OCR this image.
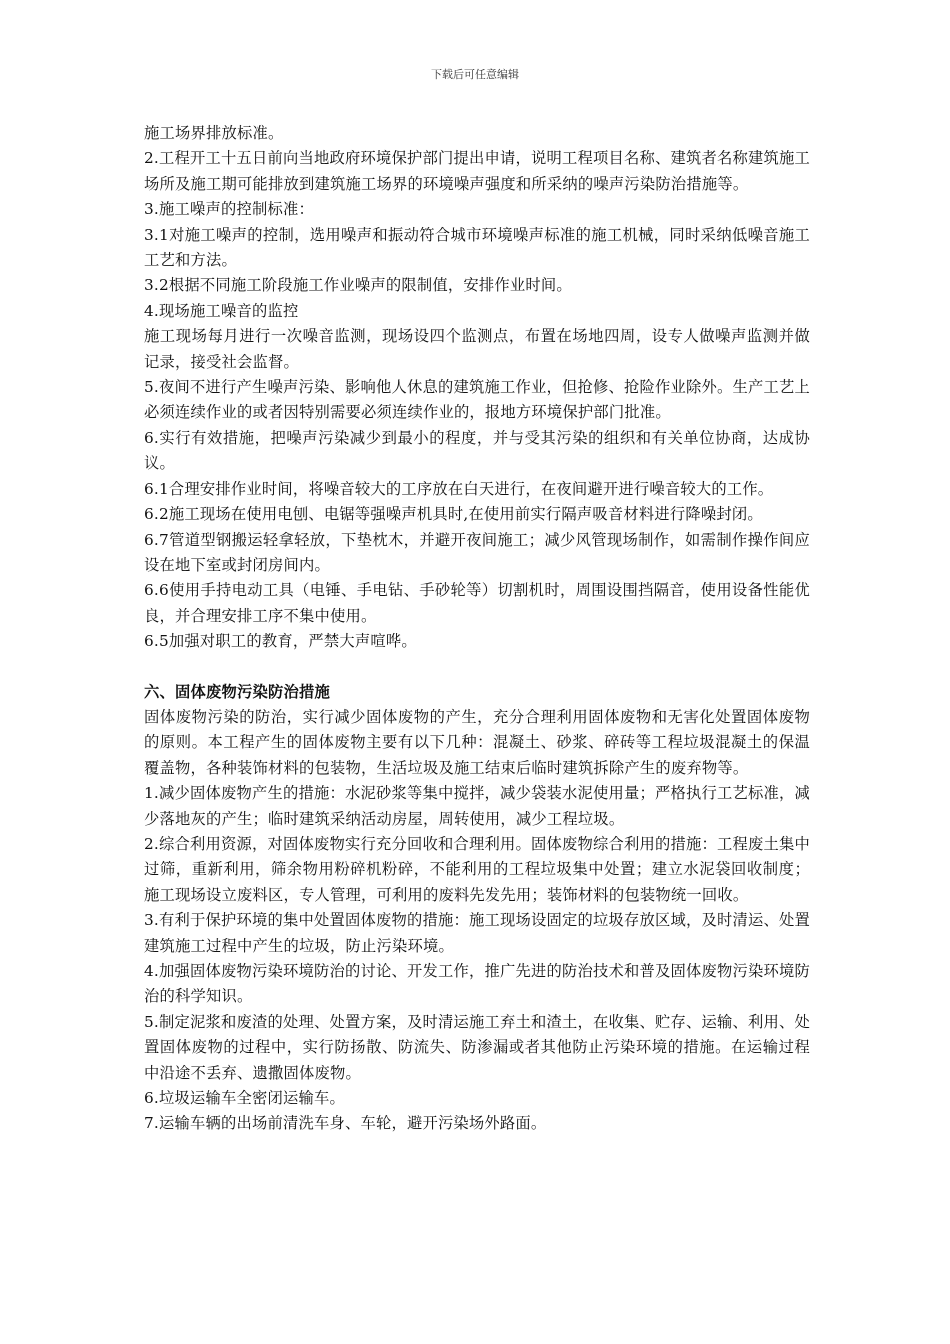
下载后可任意编辑

施工场界排放标准。

2.工程开工十五日前向当地政府环境保护部门提出申请，说明工程项目名称、建筑者名称建筑施工场所及施工期可能排放到建筑施工场界的环境噪声强度和所采纳的噪声污染防治措施等。

3.施工噪声的控制标准：

3.1对施工噪声的控制，选用噪声和振动符合城市环境噪声标准的施工机械，同时采纳低噪音施工工艺和方法。

3.2根据不同施工阶段施工作业噪声的限制值，安排作业时间。

4.现场施工噪音的监控

施工现场每月进行一次噪音监测，现场设四个监测点，布置在场地四周，设专人做噪声监测并做记录，接受社会监督。

5.夜间不进行产生噪声污染、影响他人休息的建筑施工作业，但抢修、抢险作业除外。生产工艺上必须连续作业的或者因特别需要必须连续作业的，报地方环境保护部门批准。

6.实行有效措施，把噪声污染减少到最小的程度，并与受其污染的组织和有关单位协商，达成协议。

6.1合理安排作业时间，将噪音较大的工序放在白天进行，在夜间避开进行噪音较大的工作。

6.2施工现场在使用电刨、电锯等强噪声机具时,在使用前实行隔声吸音材料进行降噪封闭。

6.7管道型钢搬运轻拿轻放，下垫枕木，并避开夜间施工；减少风管现场制作，如需制作操作间应设在地下室或封闭房间内。

6.6使用手持电动工具（电锤、手电钻、手砂轮等）切割机时，周围设围挡隔音，使用设备性能优良，并合理安排工序不集中使用。

6.5加强对职工的教育，严禁大声喧哗。

六、固体废物污染防治措施

固体废物污染的防治，实行减少固体废物的产生，充分合理利用固体废物和无害化处置固体废物的原则。本工程产生的固体废物主要有以下几种：混凝土、砂浆、碎砖等工程垃圾混凝土的保温覆盖物，各种装饰材料的包装物，生活垃圾及施工结束后临时建筑拆除产生的废弃物等。

1.减少固体废物产生的措施：水泥砂浆等集中搅拌，减少袋装水泥使用量；严格执行工艺标准，减少落地灰的产生；临时建筑采纳活动房屋，周转使用，减少工程垃圾。

2.综合利用资源，对固体废物实行充分回收和合理利用。固体废物综合利用的措施：工程废土集中过筛，重新利用，筛余物用粉碎机粉碎，不能利用的工程垃圾集中处置；建立水泥袋回收制度；施工现场设立废料区，专人管理，可利用的废料先发先用；装饰材料的包装物统一回收。

3.有利于保护环境的集中处置固体废物的措施：施工现场设固定的垃圾存放区域，及时清运、处置建筑施工过程中产生的垃圾，防止污染环境。

4.加强固体废物污染环境防治的讨论、开发工作，推广先进的防治技术和普及固体废物污染环境防治的科学知识。

5.制定泥浆和废渣的处理、处置方案，及时清运施工弃土和渣土，在收集、贮存、运输、利用、处置固体废物的过程中，实行防扬散、防流失、防渗漏或者其他防止污染环境的措施。在运输过程中沿途不丢弃、遗撒固体废物。

6.垃圾运输车全密闭运输车。

7.运输车辆的出场前清洗车身、车轮，避开污染场外路面。
